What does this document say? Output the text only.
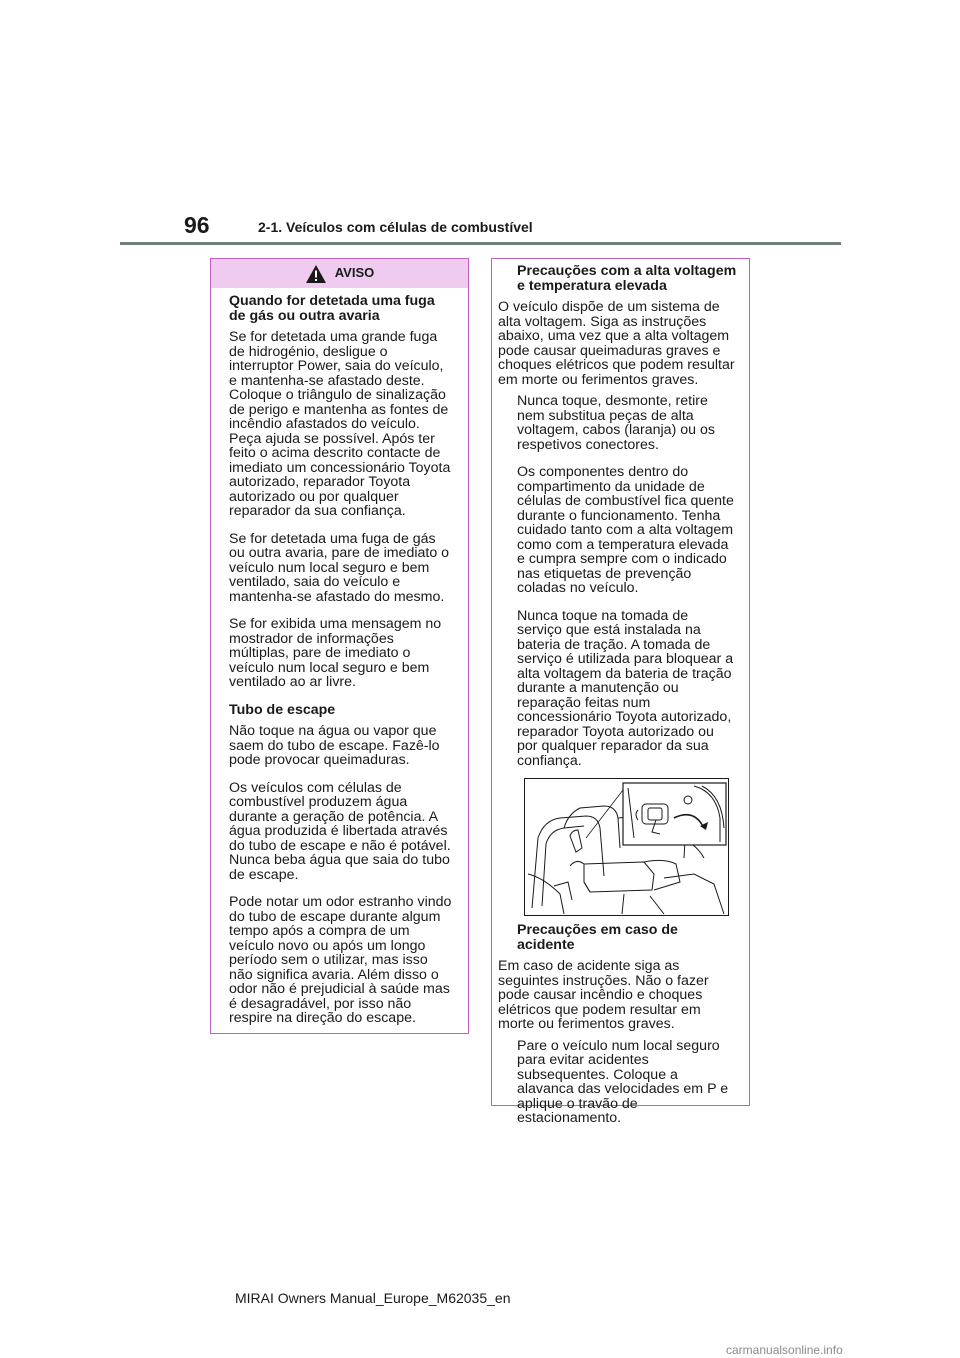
96	2-1. Veículos com células de combustível
AVISO

Quando for detetada uma fuga de gás ou outra avaria

Se for detetada uma grande fuga de hidrogénio, desligue o interruptor Power, saia do veículo, e mantenha-se afastado deste. Coloque o triângulo de sinalização de perigo e mantenha as fontes de incêndio afastados do veículo. Peça ajuda se possível. Após ter feito o acima descrito contacte de imediato um concessionário Toyota autorizado, reparador Toyota autorizado ou por qualquer reparador da sua confiança.

Se for detetada uma fuga de gás ou outra avaria, pare de imediato o veículo num local seguro e bem ventilado, saia do veículo e mantenha-se afastado do mesmo.

Se for exibida uma mensagem no mostrador de informações múltiplas, pare de imediato o veículo num local seguro e bem ventilado ao ar livre.

Tubo de escape

Não toque na água ou vapor que saem do tubo de escape. Fazê-lo pode provocar queimaduras.

Os veículos com células de combustível produzem água durante a geração de potência. A água produzida é libertada através do tubo de escape e não é potável. Nunca beba água que saia do tubo de escape.

Pode notar um odor estranho vindo do tubo de escape durante algum tempo após a compra de um veículo novo ou após um longo período sem o utilizar, mas isso não significa avaria. Além disso o odor não é prejudicial à saúde mas é desagradável, por isso não respire na direção do escape.

Precauções com a alta voltagem e temperatura elevada

O veículo dispõe de um sistema de alta voltagem. Siga as instruções abaixo, uma vez que a alta voltagem pode causar queimaduras graves e choques elétricos que podem resultar em morte ou ferimentos graves.

Nunca toque, desmonte, retire nem substitua peças de alta voltagem, cabos (laranja) ou os respetivos conectores.

Os componentes dentro do compartimento da unidade de células de combustível fica quente durante o funcionamento. Tenha cuidado tanto com a alta voltagem como com a temperatura elevada e cumpra sempre com o indicado nas etiquetas de prevenção coladas no veículo.

Nunca toque na tomada de serviço que está instalada na bateria de tração. A tomada de serviço é utilizada para bloquear a alta voltagem da bateria de tração durante a manutenção ou reparação feitas num concessionário Toyota autorizado, reparador Toyota autorizado ou por qualquer reparador da sua confiança.

Precauções em caso de acidente

Em caso de acidente siga as seguintes instruções. Não o fazer pode causar incêndio e choques elétricos que podem resultar em morte ou ferimentos graves.

Pare o veículo num local seguro para evitar acidentes subsequentes. Coloque a alavanca das velocidades em P e aplique o travão de estacionamento.

MIRAI Owners Manual_Europe_M62035_en
carmanualsonline.info
